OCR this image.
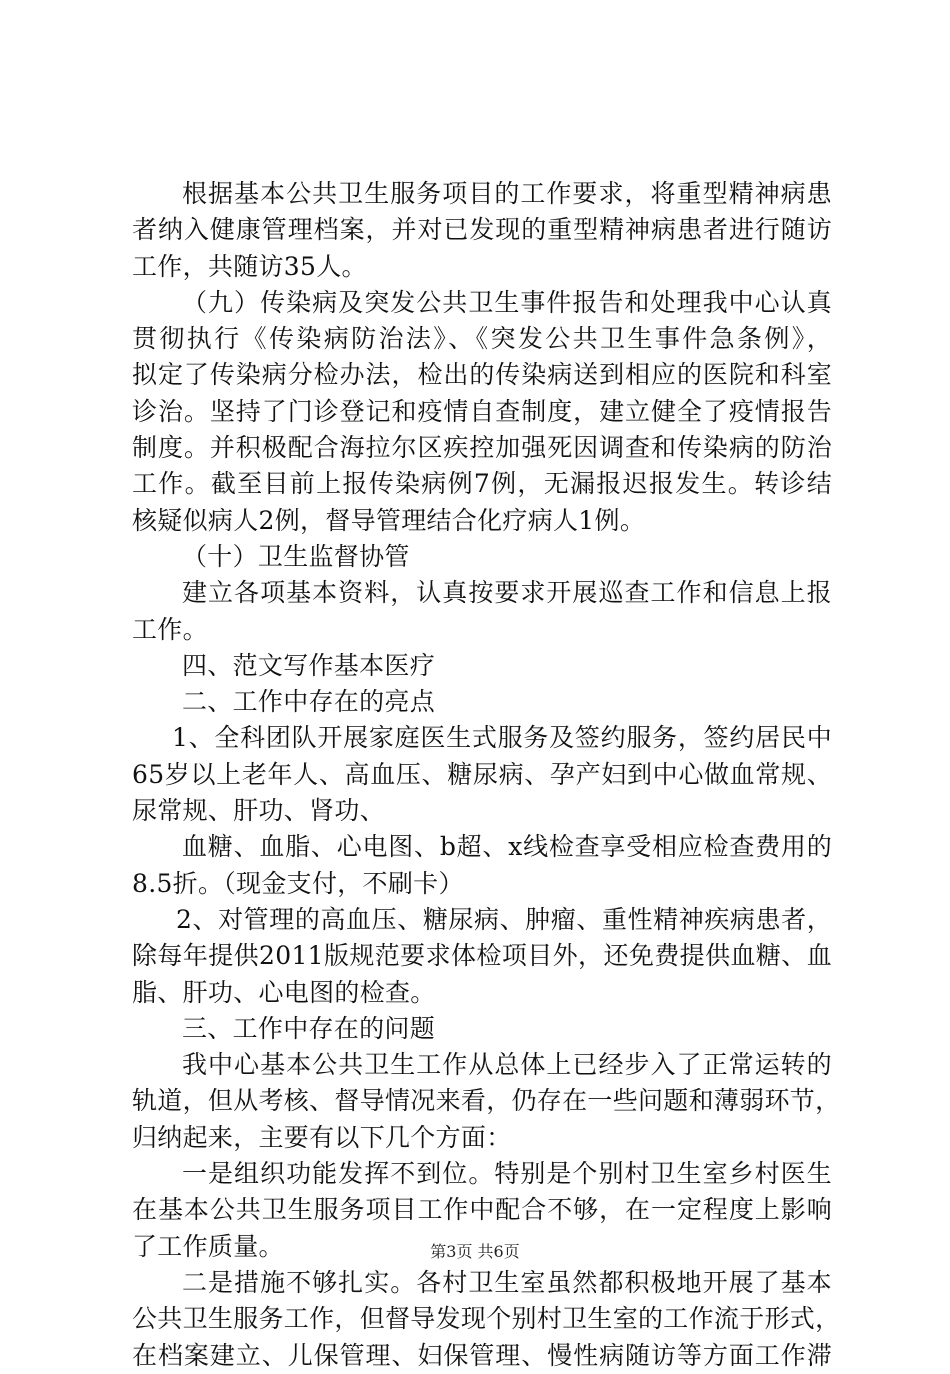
根据基本公共卫生服务项目的工作要求，将重型精神病患
者纳入健康管理档案，并对已发现的重型精神病患者进行随访
工作，共随访35人。
（九）传染病及突发公共卫生事件报告和处理我中心认真
贯彻执行《传染病防治法》、《突发公共卫生事件急条例》，
拟定了传染病分检办法，检出的传染病送到相应的医院和科室
诊治。坚持了门诊登记和疫情自查制度，建立健全了疫情报告
制度。并积极配合海拉尔区疾控加强死因调查和传染病的防治
工作。截至目前上报传染病例7例，无漏报迟报发生。转诊结
核疑似病人2例，督导管理结合化疗病人1例。
（十）卫生监督协管
建立各项基本资料，认真按要求开展巡查工作和信息上报
工作。
四、范文写作基本医疗
二、工作中存在的亮点
1、全科团队开展家庭医生式服务及签约服务，签约居民中
65岁以上老年人、高血压、糖尿病、孕产妇到中心做血常规、
尿常规、肝功、肾功、
血糖、血脂、心电图、b超、x线检查享受相应检查费用的
8.5折。（现金支付，不刷卡）
2、对管理的高血压、糖尿病、肿瘤、重性精神疾病患者，
除每年提供2011版规范要求体检项目外，还免费提供血糖、血
脂、肝功、心电图的检查。
三、工作中存在的问题
我中心基本公共卫生工作从总体上已经步入了正常运转的
轨道，但从考核、督导情况来看，仍存在一些问题和薄弱环节，
归纳起来，主要有以下几个方面：
一是组织功能发挥不到位。特别是个别村卫生室乡村医生
在基本公共卫生服务项目工作中配合不够，在一定程度上影响
了工作质量。
二是措施不够扎实。各村卫生室虽然都积极地开展了基本
公共卫生服务工作，但督导发现个别村卫生室的工作流于形式，
在档案建立、儿保管理、妇保管理、慢性病随访等方面工作滞
第3页 共6页
